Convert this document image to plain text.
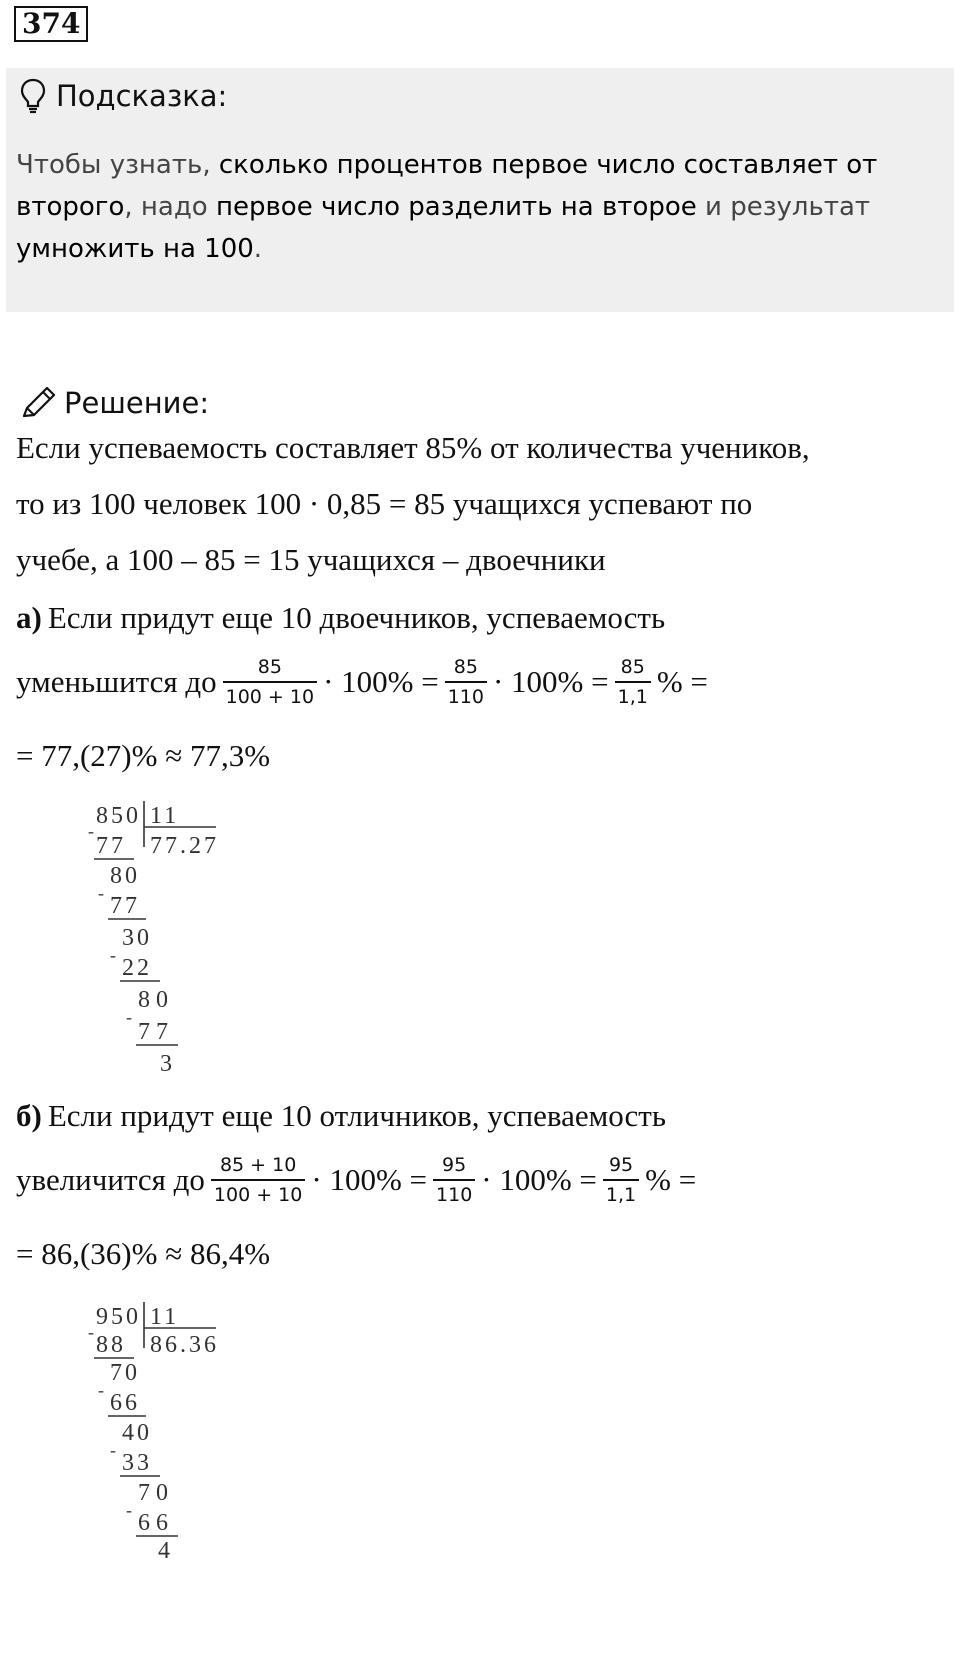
374
Подсказка:
Чтобы узнать, сколько процентов первое число составляет от второго, надо первое число разделить на второе и результат умножить на 100.
Решение:
Если успеваемость составляет 85% от количества учеников,
то из 100 человек 100 · 0,85 = 85 учащихся успевают по
учебе, а 100 – 85 = 15 учащихся – двоечники
а) Если придут еще 10 двоечников, успеваемость
уменьшится до $\frac{85}{100 + 10} \cdot 100\% = \frac{85}{110} \cdot 100\% = \frac{85}{1,1}$ % =
= 77,(27)% ≈ 77,3%
850 11
77.27
-
77
80
- 77
30
- 22
80
-
77
3
б) Если придут еще 10 отличников, успеваемость
увеличится до $\frac{85 + 10}{100 + 10} \cdot 100\% = \frac{95}{110} \cdot 100\% = \frac{95}{1,1}$ % =
= 86,(36)% ≈ 86,4%
950 11
86.36
- 88
70
- 66
40
- 33
70
- 66
4
